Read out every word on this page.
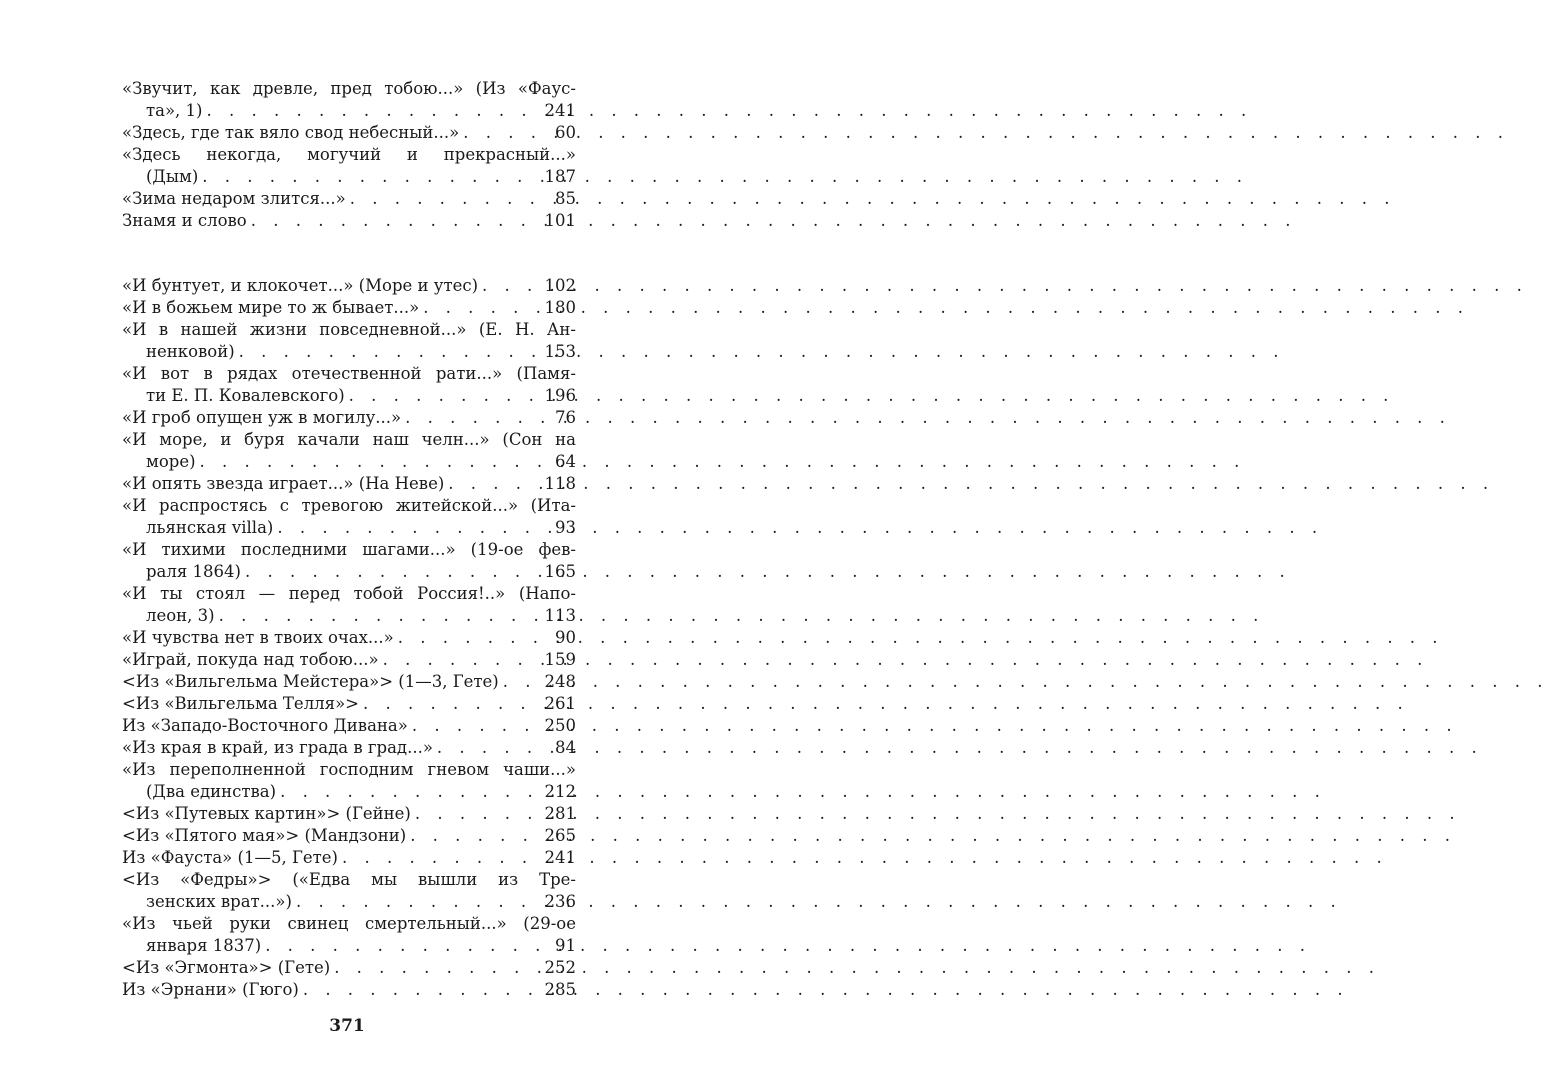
«Звучит, как древле, пред тобою...» (Из «Фаус-
та», 1) . . .	241
«Здесь, где так вяло свод небесный...» . . .	60
«Здесь некогда, могучий и прекрасный...»
(Дым) . . .	187
«Зима недаром злится...» . . .	85
Знамя и слово . . .	101
«И бунтует, и клокочет...» (Море и утес) . . .	102
«И в божьем мире то ж бывает...» . . .	180
«И в нашей жизни повседневной...» (Е. Н. Ан-
ненковой) . . .	153
«И вот в рядах отечественной рати...» (Памя-
ти Е. П. Ковалевского) . . .	196
«И гроб опущен уж в могилу...» . . .	76
«И море, и буря качали наш челн...» (Сон на
море) . . .	64
«И опять звезда играет...» (На Неве) . . .	118
«И распростясь с тревогою житейской...» (Ита-
льянская villa) . . .	93
«И тихими последними шагами...» (19-ое фев-
раля 1864) . . .	165
«И ты стоял — перед тобой Россия!..» (Напо-
леон, 3) . . .	113
«И чувства нет в твоих очах...» . . .	90
«Играй, покуда над тобою...» . . .	159
<Из «Вильгельма Мейстера»> (1—3, Гете) . . .	248
<Из «Вильгельма Телля»> . . .	261
Из «Западо-Восточного Дивана» . . .	250
«Из края в край, из града в град...» . . .	84
«Из переполненной господним гневом чаши...»
(Два единства) . . .	212
<Из «Путевых картин»> (Гейне) . . .	281
<Из «Пятого мая»> (Мандзони) . . .	265
Из «Фауста» (1—5, Гете) . . .	241
<Из «Федры»> («Едва мы вышли из Тре-
зенских врат...») . . .	236
«Из чьей руки свинец смертельный...» (29-ое
января 1837) . . .	91
<Из «Эгмонта»> (Гете) . . .	252
Из «Эрнани» (Гюго) . . .	285
371
